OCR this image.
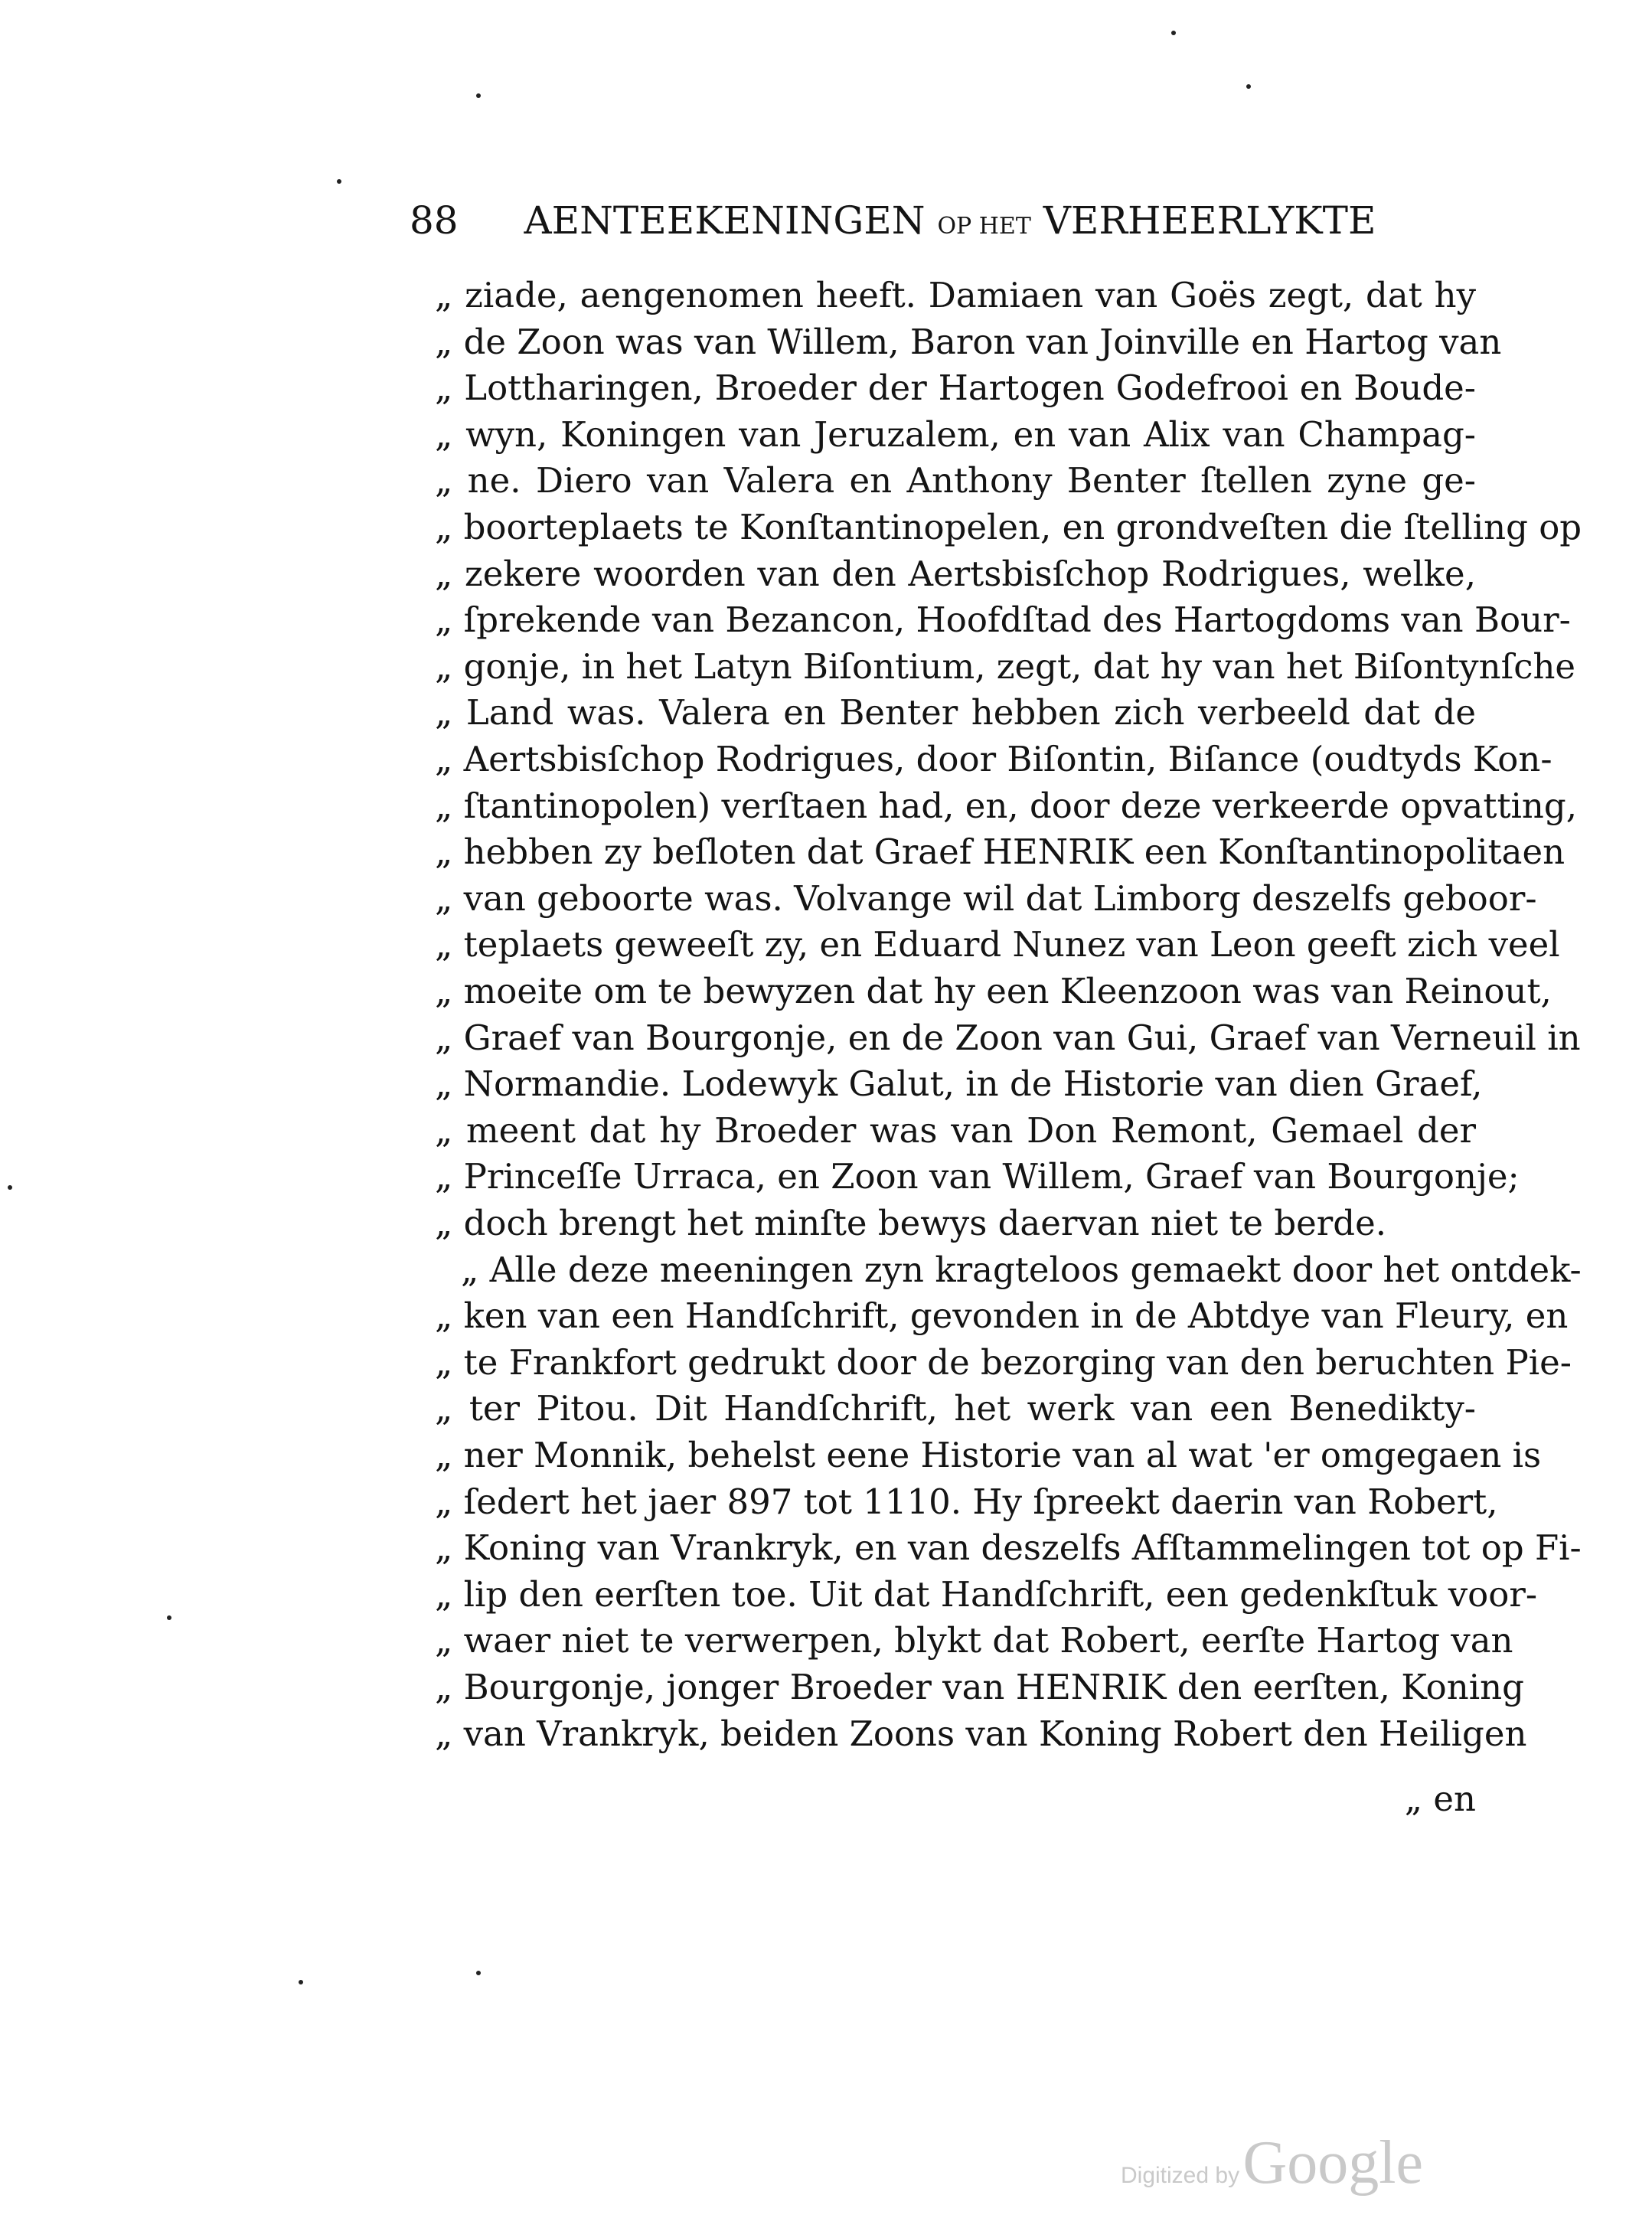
88 AENTEEKENINGEN OP HET VERHEERLYKTE
„ ziade, aengenomen heeft. Damiaen van Goës zegt, dat hy
„ de Zoon was van Willem, Baron van Joinville en Hartog van
„ Lottharingen, Broeder der Hartogen Godefrooi en Boude-
„ wyn, Koningen van Jeruzalem, en van Alix van Champag-
„ ne. Diero van Valera en Anthony Benter ſtellen zyne ge-
„ boorteplaets te Konſtantinopelen, en grondveſten die ſtelling op
„ zekere woorden van den Aertsbisſchop Rodrigues, welke,
„ ſprekende van Bezancon, Hoofdſtad des Hartogdoms van Bour-
„ gonje, in het Latyn Biſontium, zegt, dat hy van het Biſontynſche
„ Land was. Valera en Benter hebben zich verbeeld dat de
„ Aertsbisſchop Rodrigues, door Biſontin, Biſance (oudtyds Kon-
„ ſtantinopolen) verſtaen had, en, door deze verkeerde opvatting,
„ hebben zy beſloten dat Graef HENRIK een Konſtantinopolitaen
„ van geboorte was. Volvange wil dat Limborg deszelfs geboor-
„ teplaets geweeſt zy, en Eduard Nunez van Leon geeft zich veel
„ moeite om te bewyzen dat hy een Kleenzoon was van Reinout,
„ Graef van Bourgonje, en de Zoon van Gui, Graef van Verneuil in
„ Normandie. Lodewyk Galut, in de Historie van dien Graef,
„ meent dat hy Broeder was van Don Remont, Gemael der
„ Princeſſe Urraca, en Zoon van Willem, Graef van Bourgonje;
„ doch brengt het minſte bewys daervan niet te berde.
„ Alle deze meeningen zyn kragteloos gemaekt door het ontdek-
„ ken van een Handſchrift, gevonden in de Abtdye van Fleury, en
„ te Frankfort gedrukt door de bezorging van den beruchten Pie-
„ ter Pitou. Dit Handſchrift, het werk van een Benedikty-
„ ner Monnik, behelst eene Historie van al wat 'er omgegaen is
„ ſedert het jaer 897 tot 1110. Hy ſpreekt daerin van Robert,
„ Koning van Vrankryk, en van deszelfs Afſtammelingen tot op Fi-
„ lip den eerſten toe. Uit dat Handſchrift, een gedenkſtuk voor-
„ waer niet te verwerpen, blykt dat Robert, eerſte Hartog van
„ Bourgonje, jonger Broeder van HENRIK den eerſten, Koning
„ van Vrankryk, beiden Zoons van Koning Robert den Heiligen
„ en
Digitized by Google
